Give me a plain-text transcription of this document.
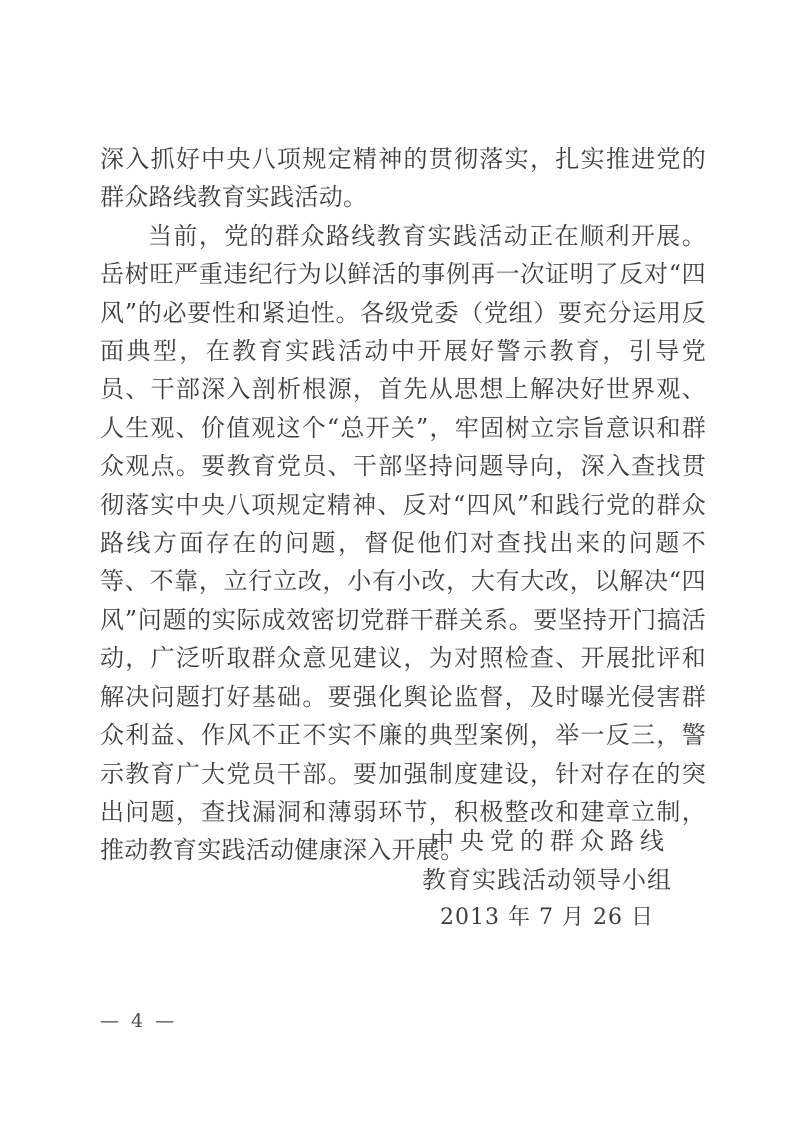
深入抓好中央八项规定精神的贯彻落实，扎实推进党的群众路线教育实践活动。

当前，党的群众路线教育实践活动正在顺利开展。岳树旺严重违纪行为以鲜活的事例再一次证明了反对“四风”的必要性和紧迫性。各级党委（党组）要充分运用反面典型，在教育实践活动中开展好警示教育，引导党员、干部深入剖析根源，首先从思想上解决好世界观、人生观、价值观这个“总开关”，牢固树立宗旨意识和群众观点。要教育党员、干部坚持问题导向，深入查找贯彻落实中央八项规定精神、反对“四风”和践行党的群众路线方面存在的问题，督促他们对查找出来的问题不等、不靠，立行立改，小有小改，大有大改，以解决“四风”问题的实际成效密切党群干群关系。要坚持开门搞活动，广泛听取群众意见建议，为对照检查、开展批评和解决问题打好基础。要强化舆论监督，及时曝光侵害群众利益、作风不正不实不廉的典型案例，举一反三，警示教育广大党员干部。要加强制度建设，针对存在的突出问题，查找漏洞和薄弱环节，积极整改和建章立制，推动教育实践活动健康深入开展。

中央党的群众路线
教育实践活动领导小组
2013 年 7 月 26 日
— 4 —
